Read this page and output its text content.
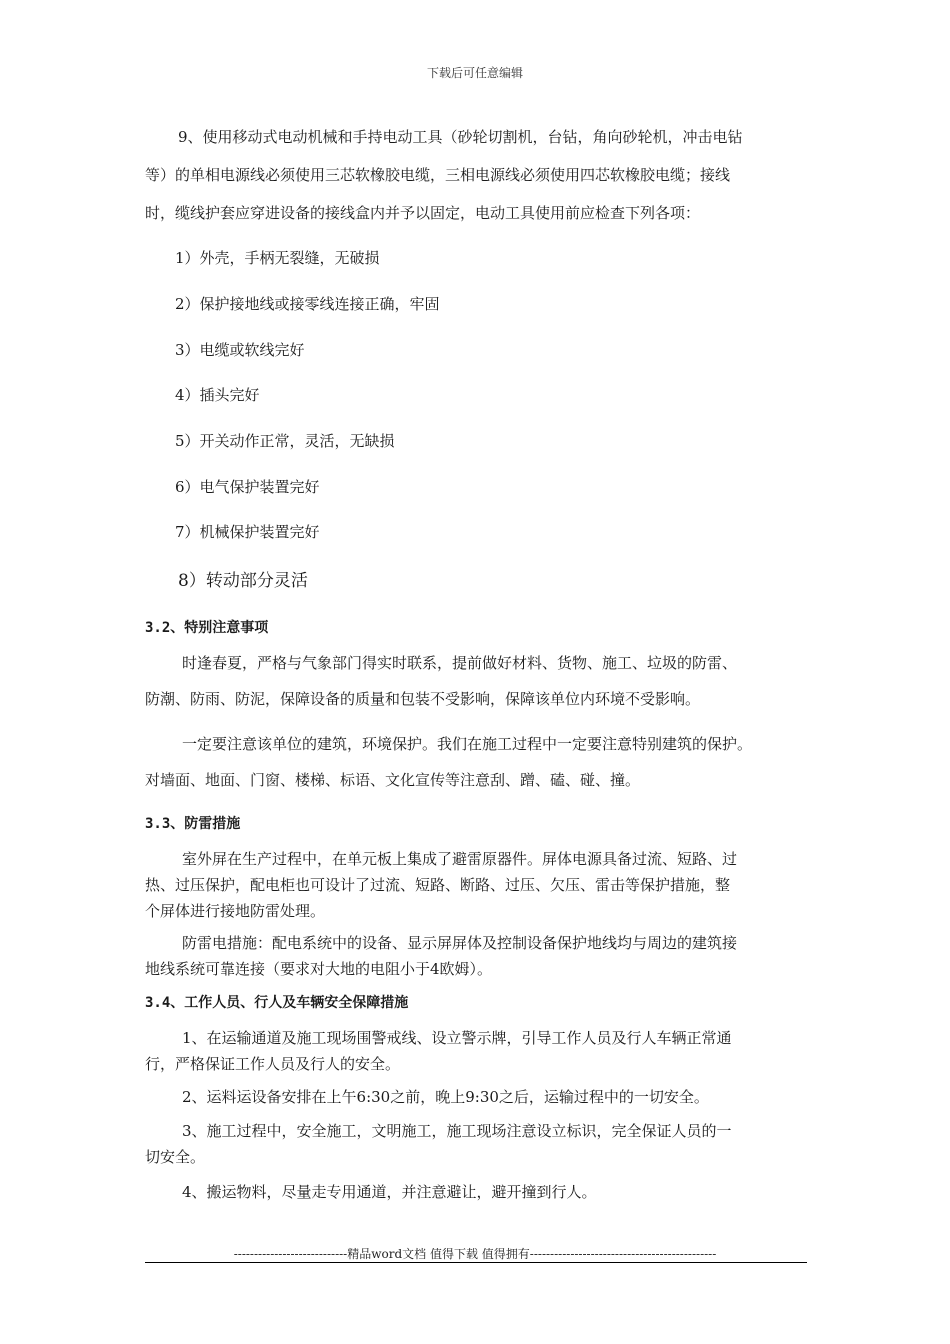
下载后可任意编辑
9、使用移动式电动机械和手持电动工具（砂轮切割机，台钻，角向砂轮机，冲击电钻
等）的单相电源线必须使用三芯软橡胶电缆，三相电源线必须使用四芯软橡胶电缆；接线
时，缆线护套应穿进设备的接线盒内并予以固定，电动工具使用前应检查下列各项：
1）外壳，手柄无裂缝，无破损
2）保护接地线或接零线连接正确，牢固
3）电缆或软线完好
4）插头完好
5）开关动作正常，灵活，无缺损
6）电气保护装置完好
7）机械保护装置完好
8）转动部分灵活
3.2、特别注意事项
时逢春夏，严格与气象部门得实时联系，提前做好材料、货物、施工、垃圾的防雷、
防潮、防雨、防泥，保障设备的质量和包装不受影响，保障该单位内环境不受影响。
一定要注意该单位的建筑，环境保护。我们在施工过程中一定要注意特别建筑的保护。
对墙面、地面、门窗、楼梯、标语、文化宣传等注意刮、蹭、磕、碰、撞。
3.3、防雷措施
室外屏在生产过程中，在单元板上集成了避雷原器件。屏体电源具备过流、短路、过
热、过压保护，配电柜也可设计了过流、短路、断路、过压、欠压、雷击等保护措施，整
个屏体进行接地防雷处理。
防雷电措施：配电系统中的设备、显示屏屏体及控制设备保护地线均与周边的建筑接
地线系统可靠连接（要求对大地的电阻小于4欧姆）。
3.4、工作人员、行人及车辆安全保障措施
1、在运输通道及施工现场围警戒线、设立警示牌，引导工作人员及行人车辆正常通
行，严格保证工作人员及行人的安全。
2、运料运设备安排在上午6:30之前，晚上9:30之后，运输过程中的一切安全。
3、施工过程中，安全施工，文明施工，施工现场注意设立标识，完全保证人员的一
切安全。
4、搬运物料，尽量走专用通道，并注意避让，避开撞到行人。
----------------------------精品word文档 值得下载 值得拥有----------------------------------------------
